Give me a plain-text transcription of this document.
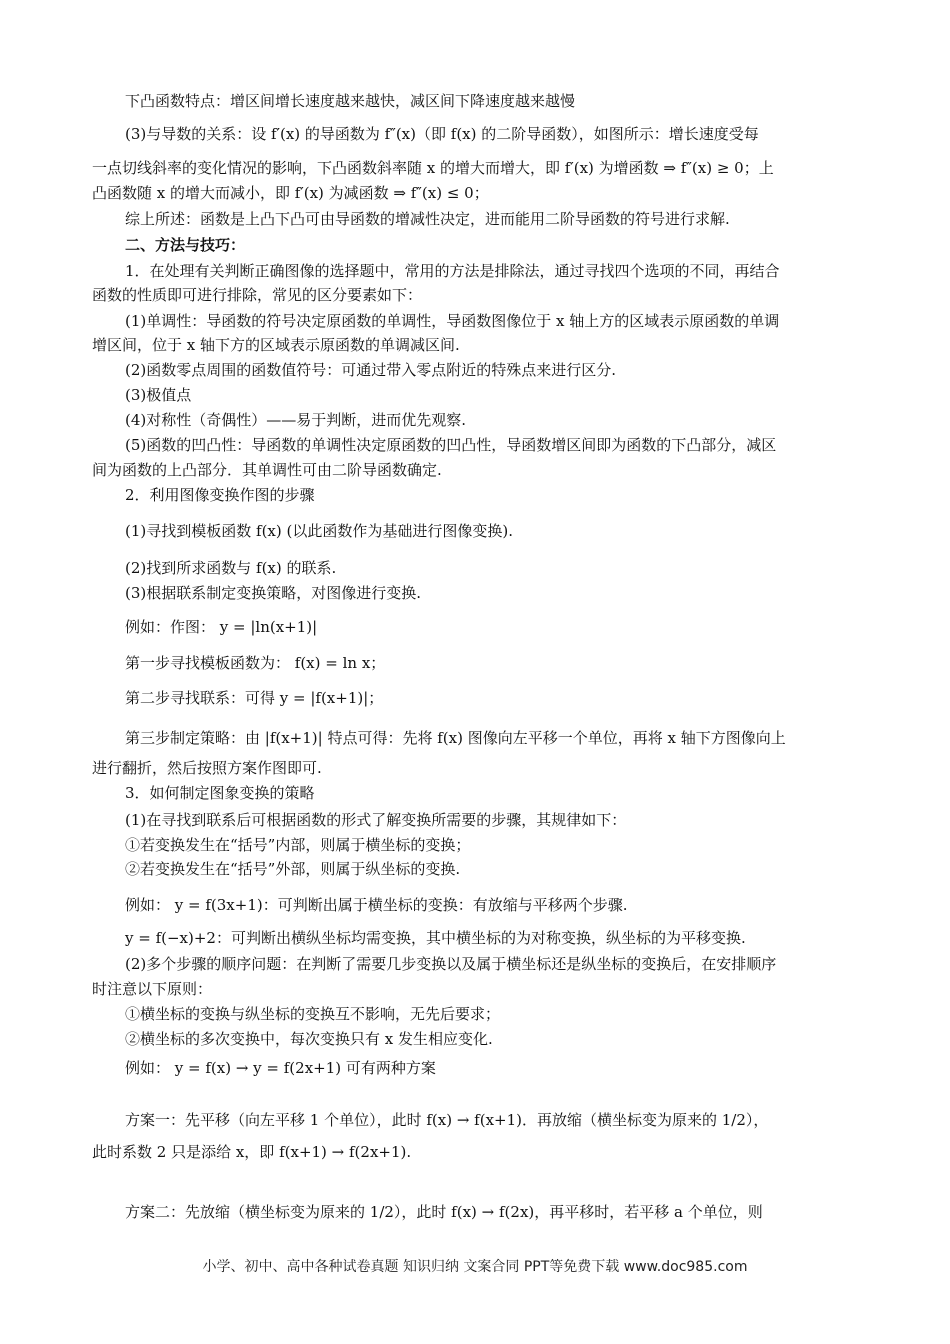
下凸函数特点：增区间增长速度越来越快，减区间下降速度越来越慢
(3)与导数的关系：设 f′(x) 的导函数为 f″(x)（即 f(x) 的二阶导函数），如图所示：增长速度受每
一点切线斜率的变化情况的影响，下凸函数斜率随 x 的增大而增大，即 f′(x) 为增函数 ⇒ f″(x) ≥ 0；上
凸函数随 x 的增大而减小，即 f′(x) 为减函数 ⇒ f″(x) ≤ 0；
综上所述：函数是上凸下凸可由导函数的增减性决定，进而能用二阶导函数的符号进行求解.
二、方法与技巧：
1．在处理有关判断正确图像的选择题中，常用的方法是排除法，通过寻找四个选项的不同，再结合
函数的性质即可进行排除，常见的区分要素如下：
(1)单调性：导函数的符号决定原函数的单调性，导函数图像位于 x 轴上方的区域表示原函数的单调
增区间，位于 x 轴下方的区域表示原函数的单调减区间.
(2)函数零点周围的函数值符号：可通过带入零点附近的特殊点来进行区分.
(3)极值点
(4)对称性（奇偶性）——易于判断，进而优先观察.
(5)函数的凹凸性：导函数的单调性决定原函数的凹凸性，导函数增区间即为函数的下凸部分，减区
间为函数的上凸部分．其单调性可由二阶导函数确定.
2．利用图像变换作图的步骤
(1)寻找到模板函数 f(x) (以此函数作为基础进行图像变换).
(2)找到所求函数与 f(x) 的联系.
(3)根据联系制定变换策略，对图像进行变换.
例如：作图： y = |ln(x+1)|
第一步寻找模板函数为： f(x) = ln x；
第二步寻找联系：可得 y = |f(x+1)|；
第三步制定策略：由 |f(x+1)| 特点可得：先将 f(x) 图像向左平移一个单位，再将 x 轴下方图像向上
进行翻折，然后按照方案作图即可.
3．如何制定图象变换的策略
(1)在寻找到联系后可根据函数的形式了解变换所需要的步骤，其规律如下：
①若变换发生在“括号”内部，则属于横坐标的变换；
②若变换发生在“括号”外部，则属于纵坐标的变换.
例如： y = f(3x+1)：可判断出属于横坐标的变换：有放缩与平移两个步骤.
y = f(−x)+2：可判断出横纵坐标均需变换，其中横坐标的为对称变换，纵坐标的为平移变换.
(2)多个步骤的顺序问题：在判断了需要几步变换以及属于横坐标还是纵坐标的变换后，在安排顺序
时注意以下原则：
①横坐标的变换与纵坐标的变换互不影响，无先后要求；
②横坐标的多次变换中，每次变换只有 x 发生相应变化.
例如： y = f(x) → y = f(2x+1) 可有两种方案
方案一：先平移（向左平移 1 个单位），此时 f(x) → f(x+1)．再放缩（横坐标变为原来的 1/2），
此时系数 2 只是添给 x，即 f(x+1) → f(2x+1).
方案二：先放缩（横坐标变为原来的 1/2），此时 f(x) → f(2x)，再平移时，若平移 a 个单位，则
小学、初中、高中各种试卷真题 知识归纳 文案合同 PPT等免费下载 www.doc985.com
